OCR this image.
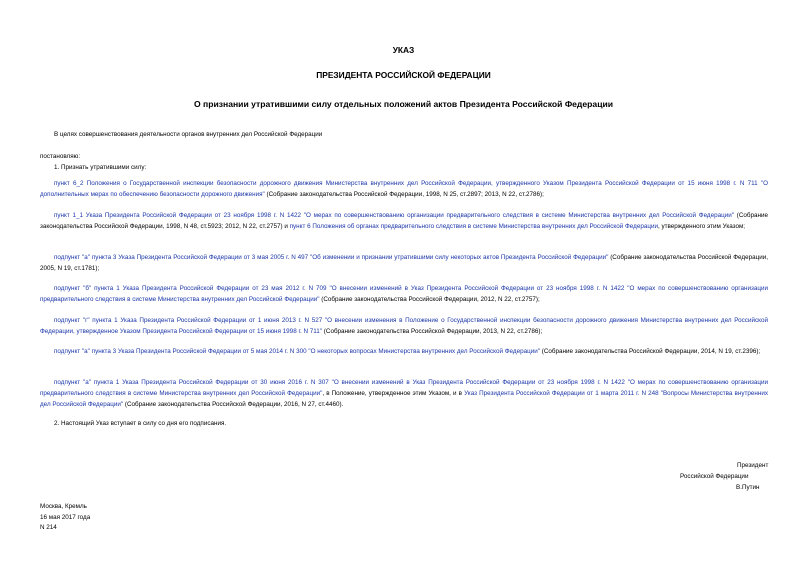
УКАЗ
ПРЕЗИДЕНТА РОССИЙСКОЙ ФЕДЕРАЦИИ
О признании утратившими силу отдельных положений актов Президента Российской Федерации
В целях совершенствования деятельности органов внутренних дел Российской Федерации
постановляю:
1. Признать утратившими силу:
пункт 6_2 Положения о Государственной инспекции безопасности дорожного движения Министерства внутренних дел Российской Федерации, утвержденного Указом Президента Российской Федерации от 15 июня 1998 г. N 711 "О дополнительных мерах по обеспечению безопасности дорожного движения" (Собрание законодательства Российской Федерации, 1998, N 25, ст.2897; 2013, N 22, ст.2786);
пункт 1_1 Указа Президента Российской Федерации от 23 ноября 1998 г. N 1422 "О мерах по совершенствованию организации предварительного следствия в системе Министерства внутренних дел Российской Федерации" (Собрание законодательства Российской Федерации, 1998, N 48, ст.5923; 2012, N 22, ст.2757) и пункт 6 Положения об органах предварительного следствия в системе Министерства внутренних дел Российской Федерации, утвержденного этим Указом;
подпункт "а" пункта 3 Указа Президента Российской Федерации от 3 мая 2005 г. N 497 "Об изменении и признании утратившими силу некоторых актов Президента Российской Федерации" (Собрание законодательства Российской Федерации, 2005, N 19, ст.1781);
подпункт "б" пункта 1 Указа Президента Российской Федерации от 23 мая 2012 г. N 709 "О внесении изменений в Указ Президента Российской Федерации от 23 ноября 1998 г. N 1422 "О мерах по совершенствованию организации предварительного следствия в системе Министерства внутренних дел Российской Федерации" (Собрание законодательства Российской Федерации, 2012, N 22, ст.2757);
подпункт "г" пункта 1 Указа Президента Российской Федерации от 1 июня 2013 г. N 527 "О внесении изменения в Положение о Государственной инспекции безопасности дорожного движения Министерства внутренних дел Российской Федерации, утвержденное Указом Президента Российской Федерации от 15 июня 1998 г. N 711" (Собрание законодательства Российской Федерации, 2013, N 22, ст.2786);
подпункт "а" пункта 3 Указа Президента Российской Федерации от 5 мая 2014 г. N 300 "О некоторых вопросах Министерства внутренних дел Российской Федерации" (Собрание законодательства Российской Федерации, 2014, N 19, ст.2396);
подпункт "а" пункта 1 Указа Президента Российской Федерации от 30 июня 2016 г. N 307 "О внесении изменений в Указ Президента Российской Федерации от 23 ноября 1998 г. N 1422 "О мерах по совершенствованию организации предварительного следствия в системе Министерства внутренних дел Российской Федерации", в Положение, утвержденное этим Указом, и в Указ Президента Российской Федерации от 1 марта 2011 г. N 248 "Вопросы Министерства внутренних дел Российской Федерации" (Собрание законодательства Российской Федерации, 2016, N 27, ст.4460).
2. Настоящий Указ вступает в силу со дня его подписания.
Президент
Российской Федерации
В.Путин
Москва, Кремль
16 мая 2017 года
N 214
